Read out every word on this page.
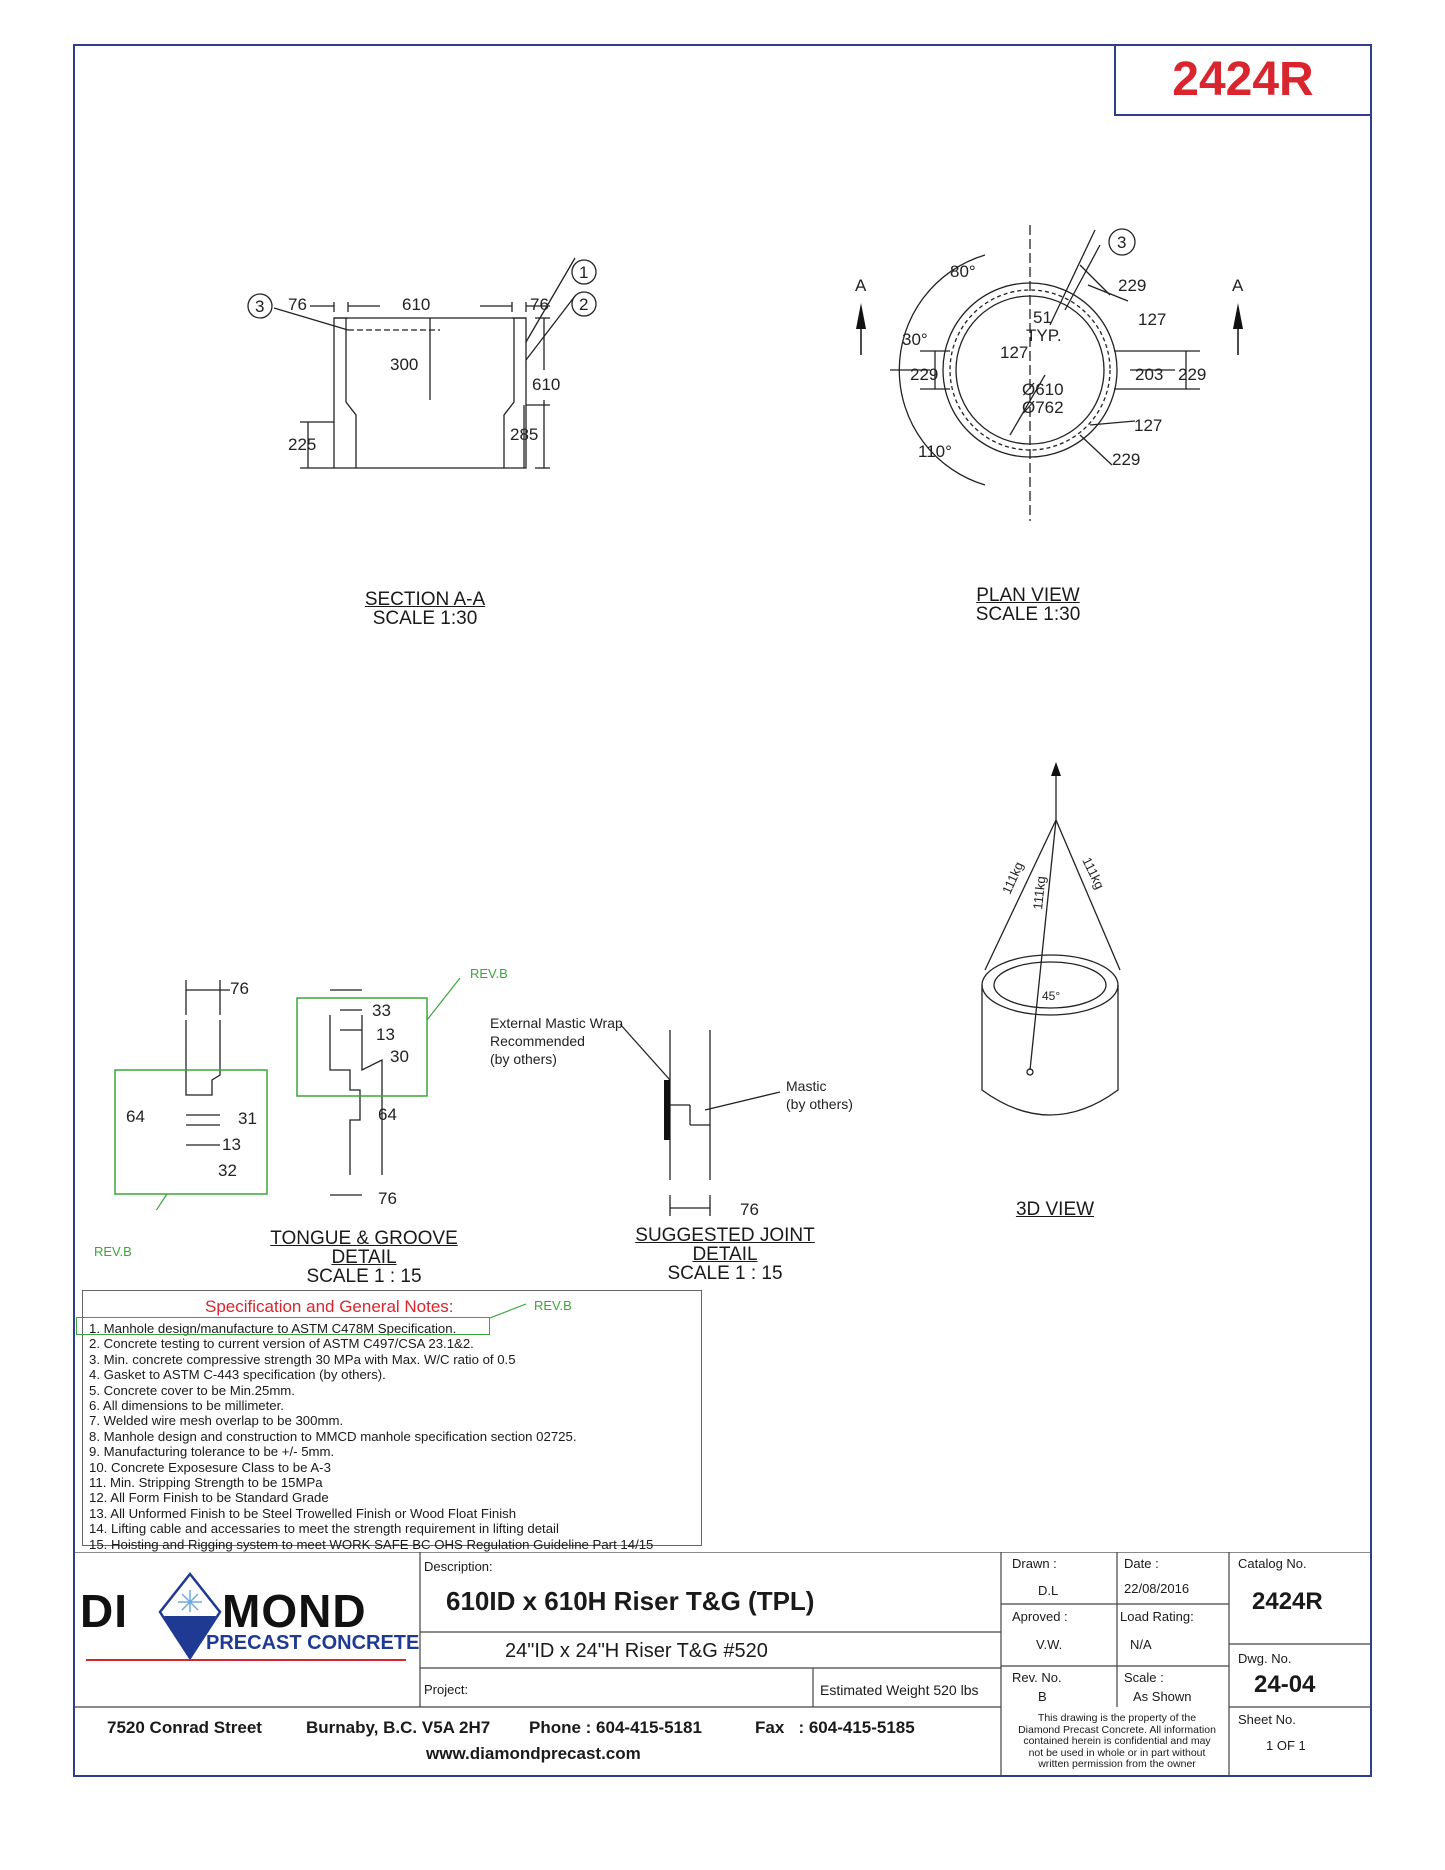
2424R
76	610	76
300
610
225
285
1
2
3
SECTION A-A
SCALE 1:30
A	A
80°
30°
110°
229
127
51
TYP.
127
229	203 229
Ø610
Ø762
127
229
3
PLAN VIEW
SCALE 1:30
76
33
13
30
64	64
31
13
32
76
REV.B
REV.B
TONGUE & GROOVE DETAIL
SCALE 1 : 15
External Mastic Wrap
Recommended
(by others)
Mastic
(by others)
76
SUGGESTED JOINT DETAIL
SCALE 1 : 15
111kg 111kg
111kg
45°
3D VIEW
Specification and General Notes:
1. Manhole design/manufacture to ASTM C478M Specification.
2. Concrete testing to current version of ASTM C497/CSA 23.1&2.
3. Min. concrete compressive strength 30 MPa with Max. W/C ratio of 0.5
4. Gasket to ASTM C-443 specification (by others).
5. Concrete cover to be Min.25mm.
6. All dimensions to be millimeter.
7. Welded wire mesh overlap to be 300mm.
8. Manhole design and construction to MMCD manhole specification section 02725.
9. Manufacturing tolerance to be +/- 5mm.
10. Concrete Exposesure Class to be A-3
11. Min. Stripping Strength to be 15MPa
12. All Form Finish to be Standard Grade
13. All Unformed Finish to be Steel Trowelled Finish or Wood Float Finish
14. Lifting cable and accessaries to meet the strength requirement in lifting detail
15. Hoisting and Rigging system to meet WORK SAFE BC OHS Regulation Guideline Part 14/15
REV.B
DI MOND
PRECAST CONCRETE
Description:
610ID x 610H Riser T&G (TPL)
24"ID x 24"H Riser T&G #520
Project:	Estimated Weight 520 lbs
Drawn :
D.L
Date :
22/08/2016
Aproved :
V.W.
Load Rating:
N/A
Rev. No.
B
Scale :
As Shown
Catalog No.
2424R
Dwg. No.
24-04
Sheet No.
1 OF 1
This drawing is the property of the
Diamond Precast Concrete. All information
contained herein is confidential and may
not be used in whole or in part without
written permission from the owner
7520 Conrad Street	Burnaby, B.C. V5A 2H7 Phone : 604-415-5181	Fax   : 604-415-5185
www.diamondprecast.com
